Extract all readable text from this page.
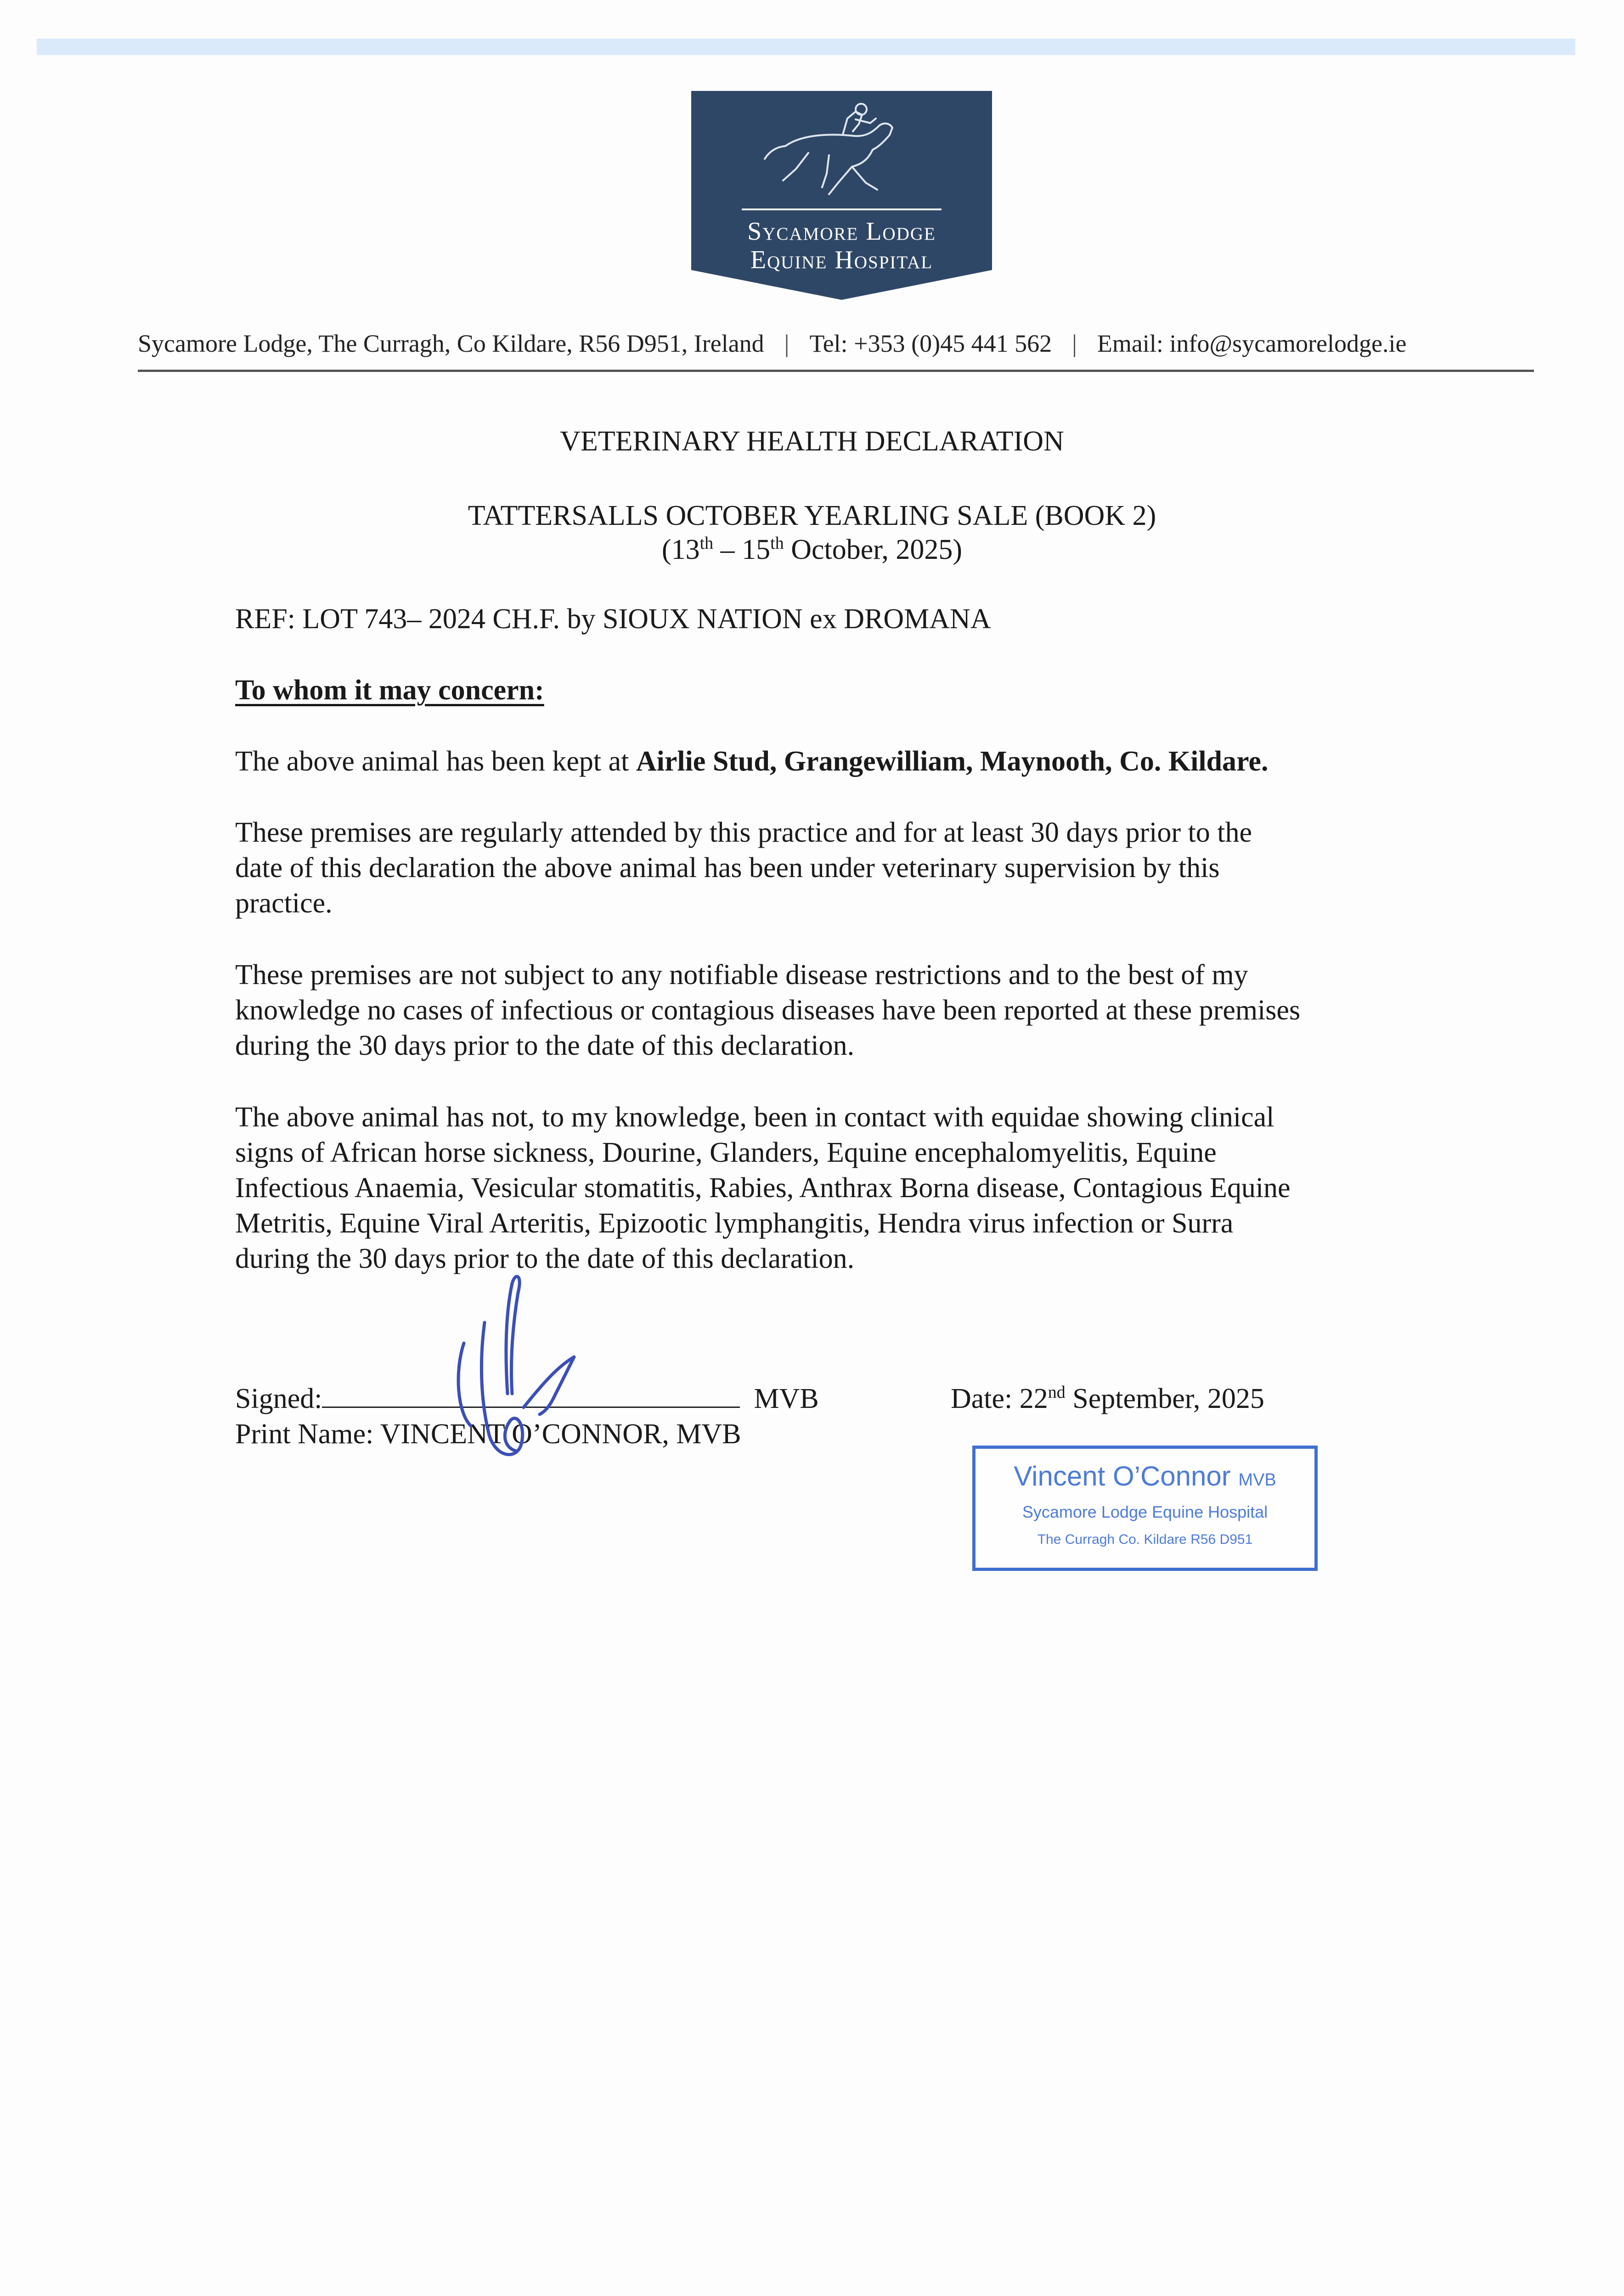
Sycamore Lodge
Equine Hospital
Sycamore Lodge, The Curragh, Co Kildare, R56 D951, Ireland | Tel: +353 (0)45 441 562 | Email: info@sycamorelodge.ie
VETERINARY HEALTH DECLARATION
TATTERSALLS OCTOBER YEARLING SALE (BOOK 2)
(13th – 15th October, 2025)
REF: LOT 743– 2024 CH.F. by SIOUX NATION ex DROMANA
To whom it may concern:
The above animal has been kept at Airlie Stud, Grangewilliam, Maynooth, Co. Kildare.
These premises are regularly attended by this practice and for at least 30 days prior to the
date of this declaration the above animal has been under veterinary supervision by this
practice.
These premises are not subject to any notifiable disease restrictions and to the best of my
knowledge no cases of infectious or contagious diseases have been reported at these premises
during the 30 days prior to the date of this declaration.
The above animal has not, to my knowledge, been in contact with equidae showing clinical
signs of African horse sickness, Dourine, Glanders, Equine encephalomyelitis, Equine
Infectious Anaemia, Vesicular stomatitis, Rabies, Anthrax Borna disease, Contagious Equine
Metritis, Equine Viral Arteritis, Epizootic lymphangitis, Hendra virus infection or Surra
during the 30 days prior to the date of this declaration.
Signed:	MVB
Print Name: VINCENT O’CONNOR, MVB
Date: 22nd September, 2025
Vincent O’Connor MVB
Sycamore Lodge Equine Hospital
The Curragh Co. Kildare R56 D951
